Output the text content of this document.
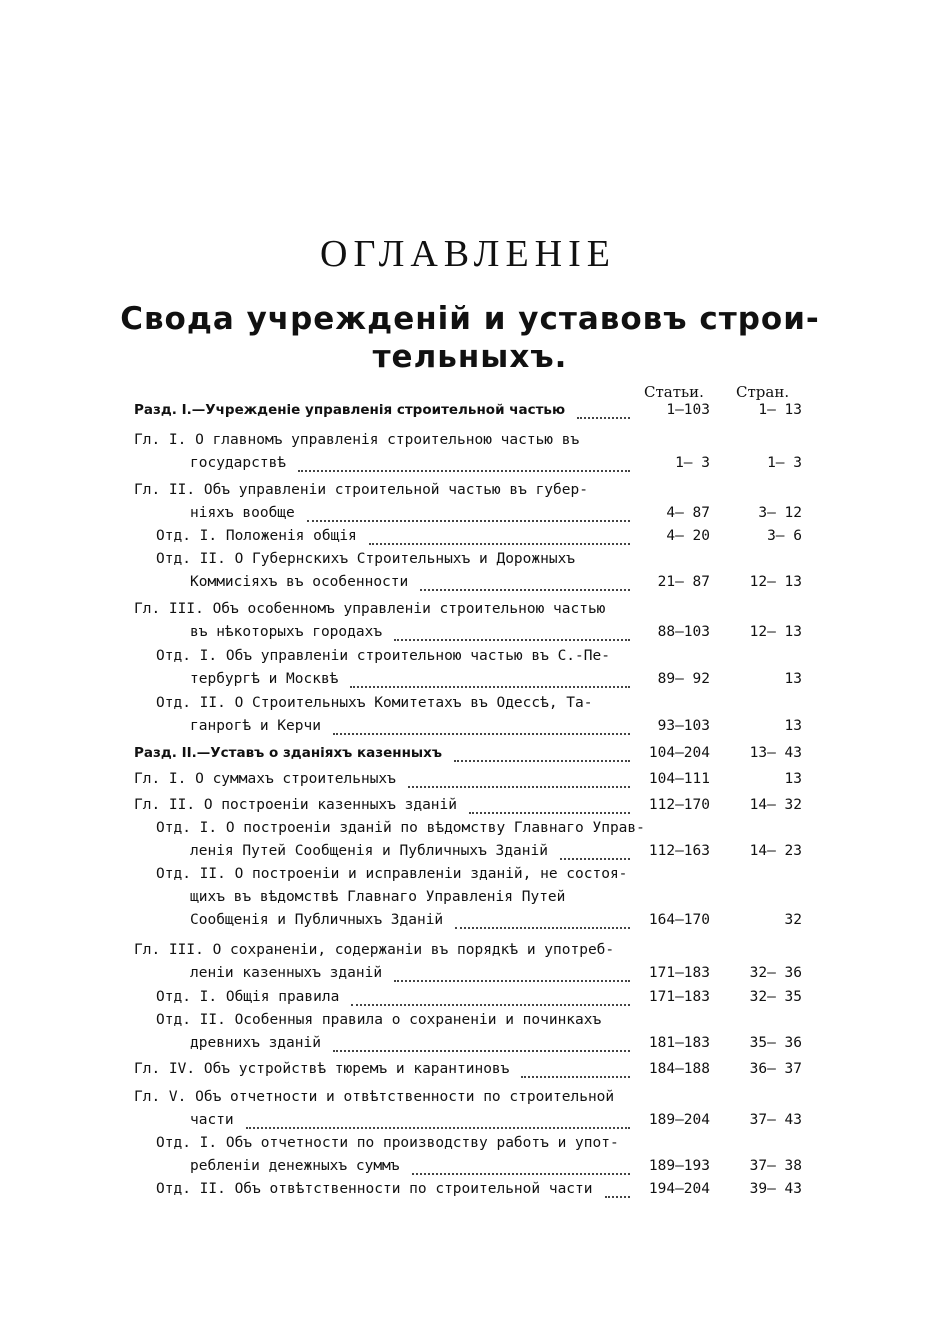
ОГЛАВЛЕНІЕ
Свода учрежденій и уставовъ строи-
тельныхъ.
Статьи. Стран.
Разд. I.—Учрежденіе управленія строительной частью	1—103	1— 13
Гл. I. О главномъ управленія строительною частью въ
государствѣ	1— 3	1— 3
Гл. II. Объ управленіи строительной частью въ губер-
ніяхъ вообще	4— 87	3— 12
Отд. I. Положенія общія	4— 20	3— 6
Отд. II. О Губернскихъ Строительныхъ и Дорожныхъ
Коммисіяхъ въ особенности	21— 87	12— 13
Гл. III. Объ особенномъ управленіи строительною частью
въ нѣкоторыхъ городахъ	88—103	12— 13
Отд. I. Объ управленіи строительною частью въ С.-Пе-
тербургѣ и Москвѣ	89— 92	13
Отд. II. О Строительныхъ Комитетахъ въ Одессѣ, Та-
ганрогѣ и Керчи	93—103	13
Разд. II.—Уставъ о зданіяхъ казенныхъ	104—204	13— 43
Гл. I. О суммахъ строительныхъ	104—111	13
Гл. II. О построеніи казенныхъ зданій	112—170	14— 32
Отд. I. О построеніи зданій по вѣдомству Главнаго Управ-
ленія Путей Сообщенія и Публичныхъ Зданій	112—163	14— 23
Отд. II. О построеніи и исправленіи зданій, не состоя-
щихъ въ вѣдомствѣ Главнаго Управленія Путей
Сообщенія и Публичныхъ Зданій	164—170	32
Гл. III. О сохраненіи, содержаніи въ порядкѣ и употреб-
леніи казенныхъ зданій	171—183	32— 36
Отд. I. Общія правила	171—183	32— 35
Отд. II. Особенныя правила о сохраненіи и починкахъ
древнихъ зданій	181—183	35— 36
Гл. IV. Объ устройствѣ тюремъ и карантиновъ	184—188	36— 37
Гл. V. Объ отчетности и отвѣтственности по строительной
части	189—204	37— 43
Отд. I. Объ отчетности по производству работъ и упот-
ребленіи денежныхъ суммъ	189—193	37— 38
Отд. II. Объ отвѣтственности по строительной части	194—204	39— 43
